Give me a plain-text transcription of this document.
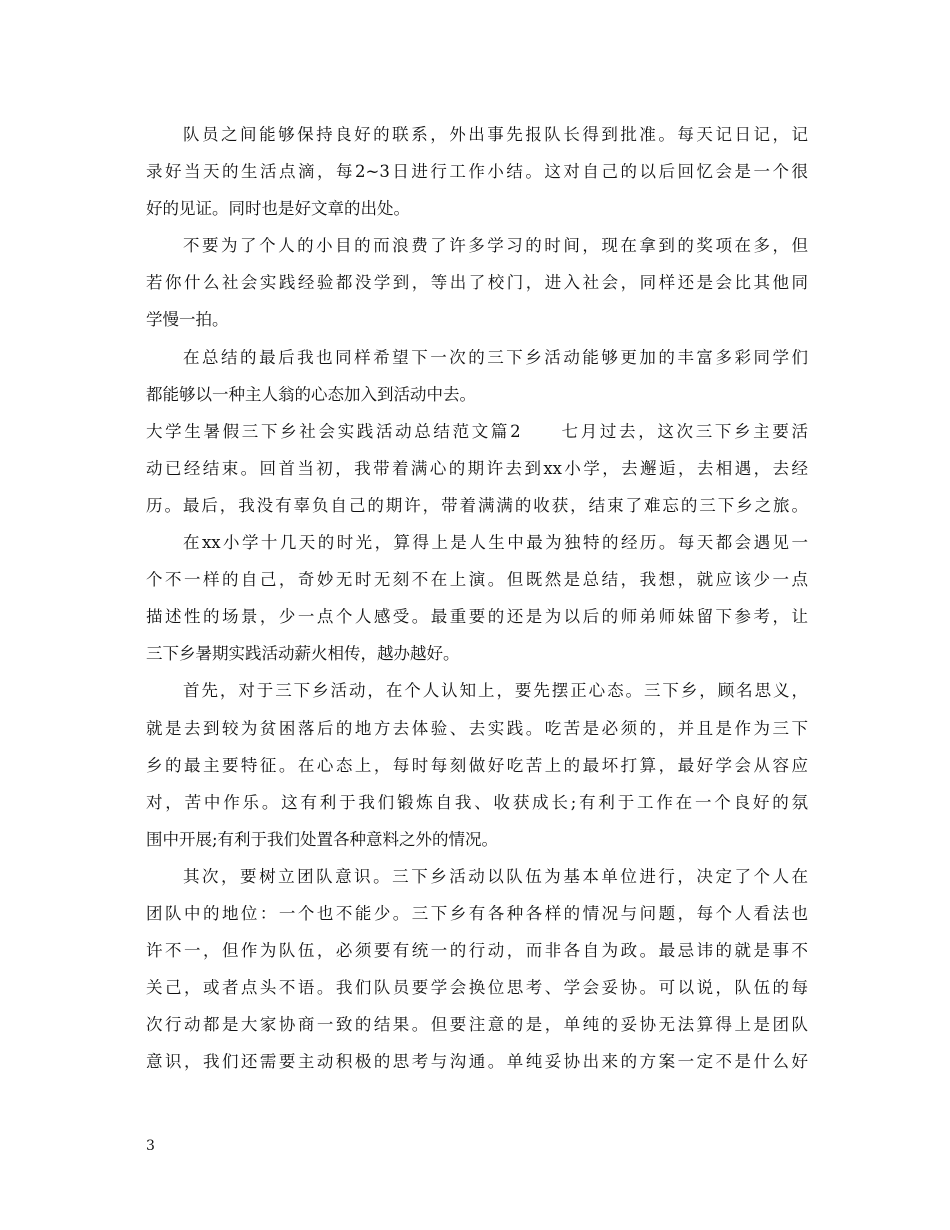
队员之间能够保持良好的联系，外出事先报队长得到批准。每天记日记，记
录好当天的生活点滴，每2~3日进行工作小结。这对自己的以后回忆会是一个很
好的见证。同时也是好文章的出处。
不要为了个人的小目的而浪费了许多学习的时间，现在拿到的奖项在多，但
若你什么社会实践经验都没学到，等出了校门，进入社会，同样还是会比其他同
学慢一拍。
在总结的最后我也同样希望下一次的三下乡活动能够更加的丰富多彩同学们
都能够以一种主人翁的心态加入到活动中去。
大学生暑假三下乡社会实践活动总结范文篇2　　七月过去，这次三下乡主要活
动已经结束。回首当初，我带着满心的期许去到xx小学，去邂逅，去相遇，去经
历。最后，我没有辜负自己的期许，带着满满的收获，结束了难忘的三下乡之旅。
在xx小学十几天的时光，算得上是人生中最为独特的经历。每天都会遇见一
个不一样的自己，奇妙无时无刻不在上演。但既然是总结，我想，就应该少一点
描述性的场景，少一点个人感受。最重要的还是为以后的师弟师妹留下参考，让
三下乡暑期实践活动薪火相传，越办越好。
首先，对于三下乡活动，在个人认知上，要先摆正心态。三下乡，顾名思义，
就是去到较为贫困落后的地方去体验、去实践。吃苦是必须的，并且是作为三下
乡的最主要特征。在心态上，每时每刻做好吃苦上的最坏打算，最好学会从容应
对，苦中作乐。这有利于我们锻炼自我、收获成长;有利于工作在一个良好的氛
围中开展;有利于我们处置各种意料之外的情况。
其次，要树立团队意识。三下乡活动以队伍为基本单位进行，决定了个人在
团队中的地位：一个也不能少。三下乡有各种各样的情况与问题，每个人看法也
许不一，但作为队伍，必须要有统一的行动，而非各自为政。最忌讳的就是事不
关己，或者点头不语。我们队员要学会换位思考、学会妥协。可以说，队伍的每
次行动都是大家协商一致的结果。但要注意的是，单纯的妥协无法算得上是团队
意识，我们还需要主动积极的思考与沟通。单纯妥协出来的方案一定不是什么好
3
